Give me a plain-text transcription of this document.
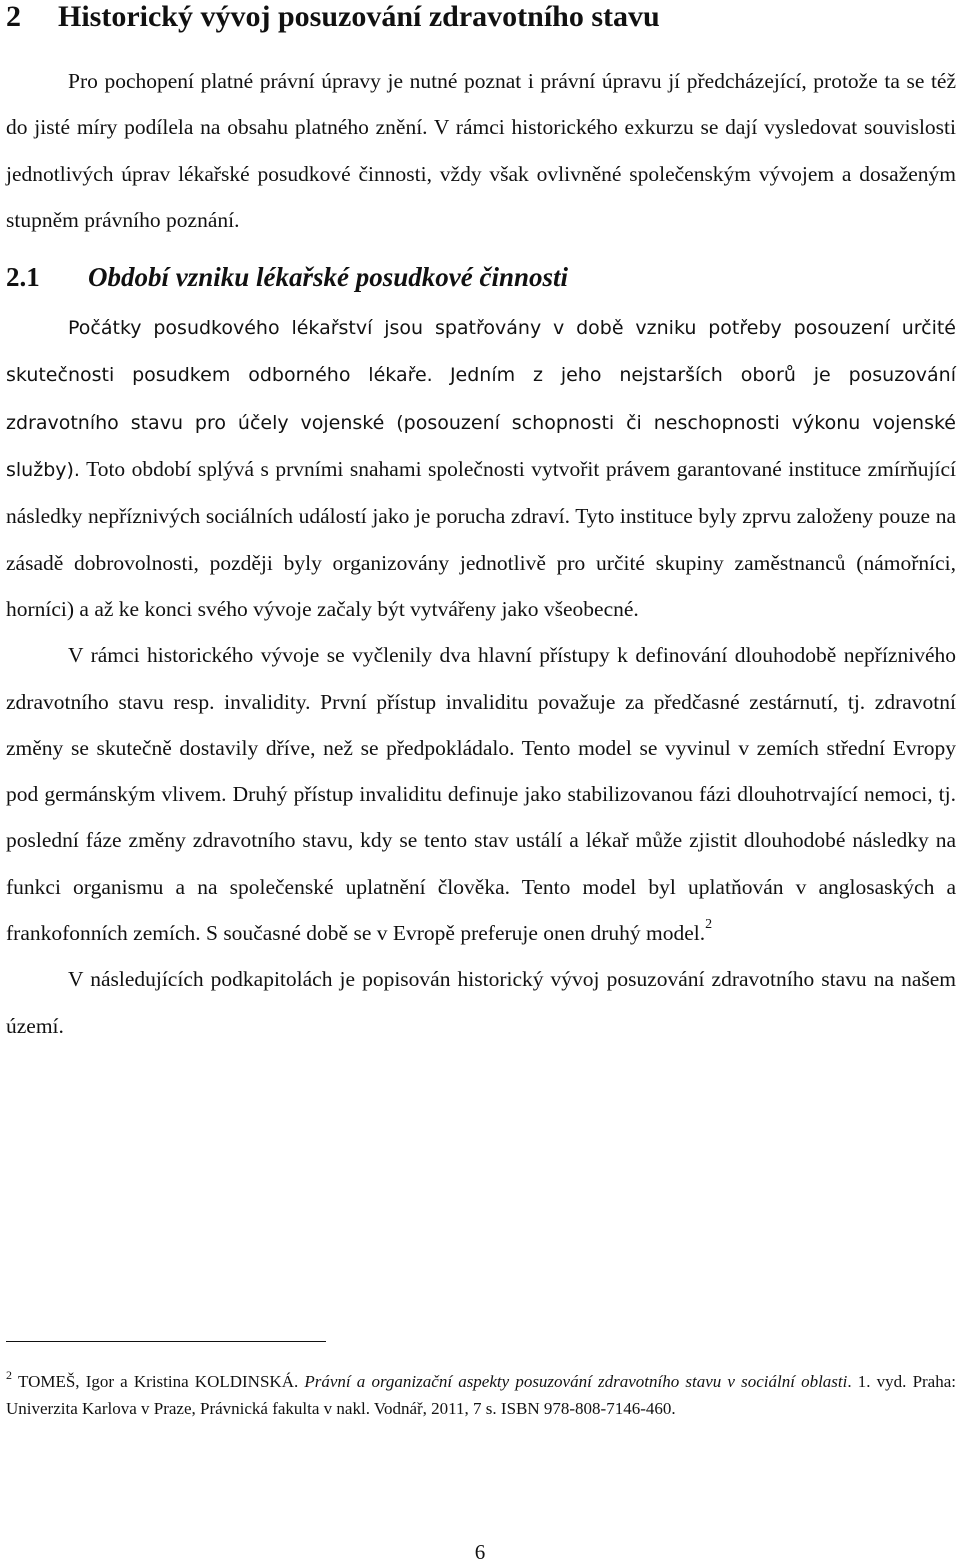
2 Historický vývoj posuzování zdravotního stavu

Pro pochopení platné právní úpravy je nutné poznat i právní úpravu jí předcházející, protože ta se též do jisté míry podílela na obsahu platného znění. V rámci historického exkurzu se dají vysledovat souvislosti jednotlivých úprav lékařské posudkové činnosti, vždy však ovlivněné společenským vývojem a dosaženým stupněm právního poznání.

2.1 Období vzniku lékařské posudkové činnosti

Počátky posudkového lékařství jsou spatřovány v době vzniku potřeby posouzení určité skutečnosti posudkem odborného lékaře. Jedním z jeho nejstarších oborů je posuzování zdravotního stavu pro účely vojenské (posouzení schopnosti či neschopnosti výkonu vojenské služby). Toto období splývá s prvními snahami společnosti vytvořit právem garantované instituce zmírňující následky nepříznivých sociálních událostí jako je porucha zdraví. Tyto instituce byly zprvu založeny pouze na zásadě dobrovolnosti, později byly organizovány jednotlivě pro určité skupiny zaměstnanců (námořníci, horníci) a až ke konci svého vývoje začaly být vytvářeny jako všeobecné.

V rámci historického vývoje se vyčlenily dva hlavní přístupy k definování dlouhodobě nepříznivého zdravotního stavu resp. invalidity. První přístup invaliditu považuje za předčasné zestárnutí, tj. zdravotní změny se skutečně dostavily dříve, než se předpokládalo. Tento model se vyvinul v zemích střední Evropy pod germánským vlivem. Druhý přístup invaliditu definuje jako stabilizovanou fázi dlouhotrvající nemoci, tj. poslední fáze změny zdravotního stavu, kdy se tento stav ustálí a lékař může zjistit dlouhodobé následky na funkci organismu a na společenské uplatnění člověka. Tento model byl uplatňován v anglosaských a frankofonních zemích. S současné době se v Evropě preferuje onen druhý model.$^2$

V následujících podkapitolách je popisován historický vývoj posuzování zdravotního stavu na našem území.

$^2$ TOMEŠ, Igor a Kristina KOLDINSKÁ. Právní a organizační aspekty posuzování zdravotního stavu v sociální oblasti. 1. vyd. Praha: Univerzita Karlova v Praze, Právnická fakulta v nakl. Vodnář, 2011, 7 s. ISBN 978-808-7146-460.

6
